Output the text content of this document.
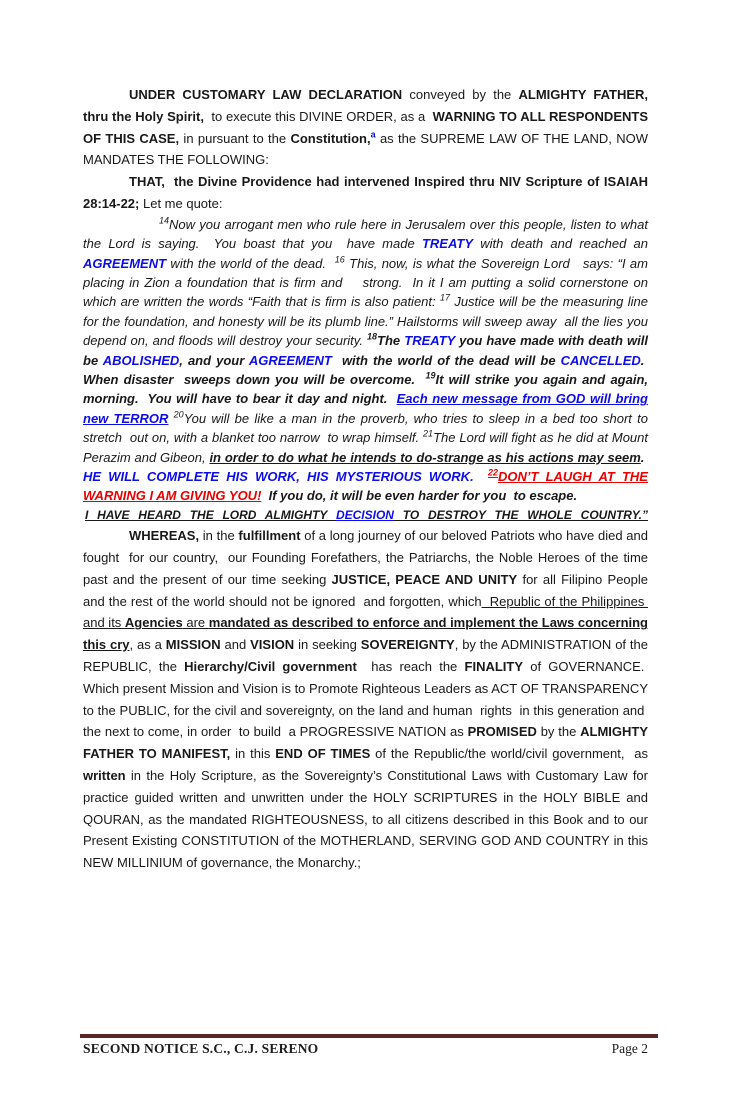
UNDER CUSTOMARY LAW DECLARATION conveyed by the ALMIGHTY FATHER, thru the Holy Spirit,  to execute this DIVINE ORDER, as a  WARNING TO ALL RESPONDENTS OF THIS CASE, in pursuant to the Constitution,$^a$ as the SUPREME LAW OF THE LAND, NOW MANDATES THE FOLLOWING:

THAT,  the Divine Providence had intervened Inspired thru NIV Scripture of ISAIAH 28:14-22; Let me quote:

$^{14}$Now you arrogant men who rule here in Jerusalem over this people, listen to what the Lord is saying.  You boast that you  have made TREATY with death and reached an AGREEMENT with the world of the dead.  $^{16}$ This, now, is what the Sovereign Lord   says: “I am placing in Zion a foundation that is firm and    strong.  In it I am putting a solid cornerstone on which are written the words “Faith that is firm is also patient: $^{17}$ Justice will be the measuring line for the foundation, and honesty will be its plumb line.” Hailstorms will sweep away  all the lies you depend on, and floods will destroy your security. $^{18}$The TREATY you have made with death will be ABOLISHED, and your AGREEMENT  with the world of the dead will be CANCELLED.  When disaster  sweeps down you will be overcome.  $^{19}$It will strike you again and again, morning.  You will have to bear it day and night.  Each new message from GOD will bring new TERROR $^{20}$You will be like a man in the proverb, who tries to sleep in a bed too short to stretch  out on, with a blanket too narrow  to wrap himself. $^{21}$The Lord will fight as he did at Mount Perazim and Gibeon, in order to do what he intends to do-strange as his actions may seem.  HE WILL COMPLETE HIS WORK, HIS MYSTERIOUS WORK. $^{22}$DON’T LAUGH AT THE WARNING I AM GIVING YOU!  If you do, it will be even harder for you  to escape.

I HAVE HEARD THE LORD ALMIGHTY DECISION TO DESTROY THE WHOLE COUNTRY.”

WHEREAS, in the fulfillment of a long journey of our beloved Patriots who have died and fought  for our country,  our Founding Forefathers, the Patriarchs, the Noble Heroes of the time past and the present of our time seeking JUSTICE, PEACE AND UNITY for all Filipino People and the rest of the world should not be ignored  and forgotten, which  Republic of the Philippines  and its Agencies are mandated as described to enforce and implement the Laws concerning this cry, as a MISSION and VISION in seeking SOVEREIGNTY, by the ADMINISTRATION of the REPUBLIC, the Hierarchy/Civil government  has reach the FINALITY of GOVERNANCE.  Which present Mission and Vision is to Promote Righteous Leaders as ACT OF TRANSPARENCY to the PUBLIC, for the civil and sovereignty, on the land and human  rights  in this generation and  the next to come, in order  to build  a PROGRESSIVE NATION as PROMISED by the ALMIGHTY FATHER TO MANIFEST, in this END OF TIMES of the Republic/the world/civil government,  as written in the Holy Scripture, as the Sovereignty’s Constitutional Laws with Customary Law for practice guided written and unwritten under the HOLY SCRIPTURES in the HOLY BIBLE and QOURAN, as the mandated RIGHTEOUSNESS, to all citizens described in this Book and to our Present Existing CONSTITUTION of the MOTHERLAND, SERVING GOD AND COUNTRY in this NEW MILLINIUM of governance, the Monarchy.;

SECOND NOTICE S.C., C.J. SERENO	Page 2
